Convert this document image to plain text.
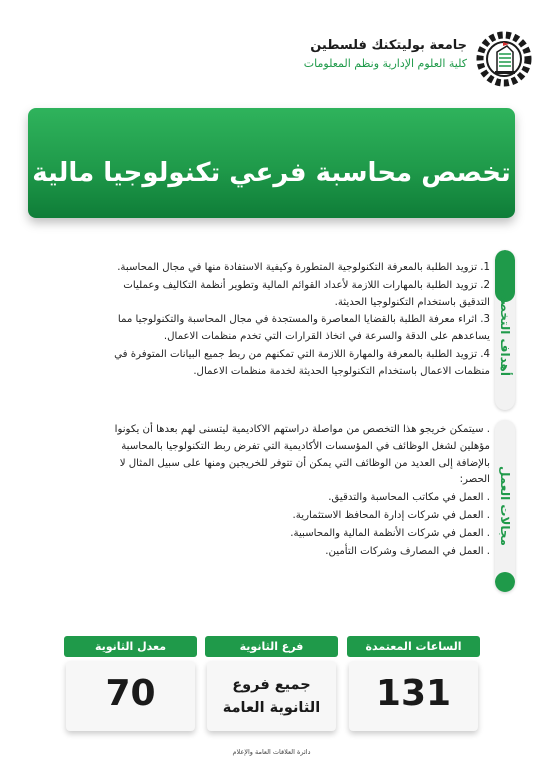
جامعة بوليتكنك فلسطين
كلية العلوم الإدارية ونظم المعلومات
تخصص محاسبة فرعي تكنولوجيا مالية
أهداف التخصص

1. تزويد الطلبة بالمعرفة التكنولوجية المتطورة وكيفية الاستفادة منها في مجال المحاسبة.

2. تزويد الطلبة بالمهارات اللازمة لأعداد القوائم المالية وتطوير أنظمة التكاليف وعمليات التدقيق باستخدام التكنولوجيا الحديثة.

3. اثراء معرفة الطلبة بالقضايا المعاصرة والمستجدة في مجال المحاسبة والتكنولوجيا مما يساعدهم على الدقة والسرعة في اتخاذ القرارات التي تخدم منظمات الاعمال.

4. تزويد الطلبة بالمعرفة والمهارة اللازمة التي تمكنهم من ربط جميع البيانات المتوفرة في منظمات الاعمال باستخدام التكنولوجيا الحديثة لخدمة منظمات الاعمال.

مجالات العمل

. سيتمكن خريجو هذا التخصص من مواصلة دراستهم الاكاديمية ليتسنى لهم بعدها أن يكونوا مؤهلين لشغل الوظائف في المؤسسات الأكاديمية التي تفرض ربط التكنولوجيا بالمحاسبة بالإضافة إلى العديد من الوظائف التي يمكن أن تتوفر للخريجين ومنها على سبيل المثال لا الحصر:

. العمل في مكاتب المحاسبة والتدقيق.

. العمل في شركات إدارة المحافظ الاستثمارية.

. العمل في شركات الأنظمة المالية والمحاسبية.

. العمل في المصارف وشركات التأمين.

الساعات المعتمدة
131
فرع الثانوية
جميع فروع
الثانوية العامة
معدل الثانوية
70
دائرة العلاقات العامة والإعلام
